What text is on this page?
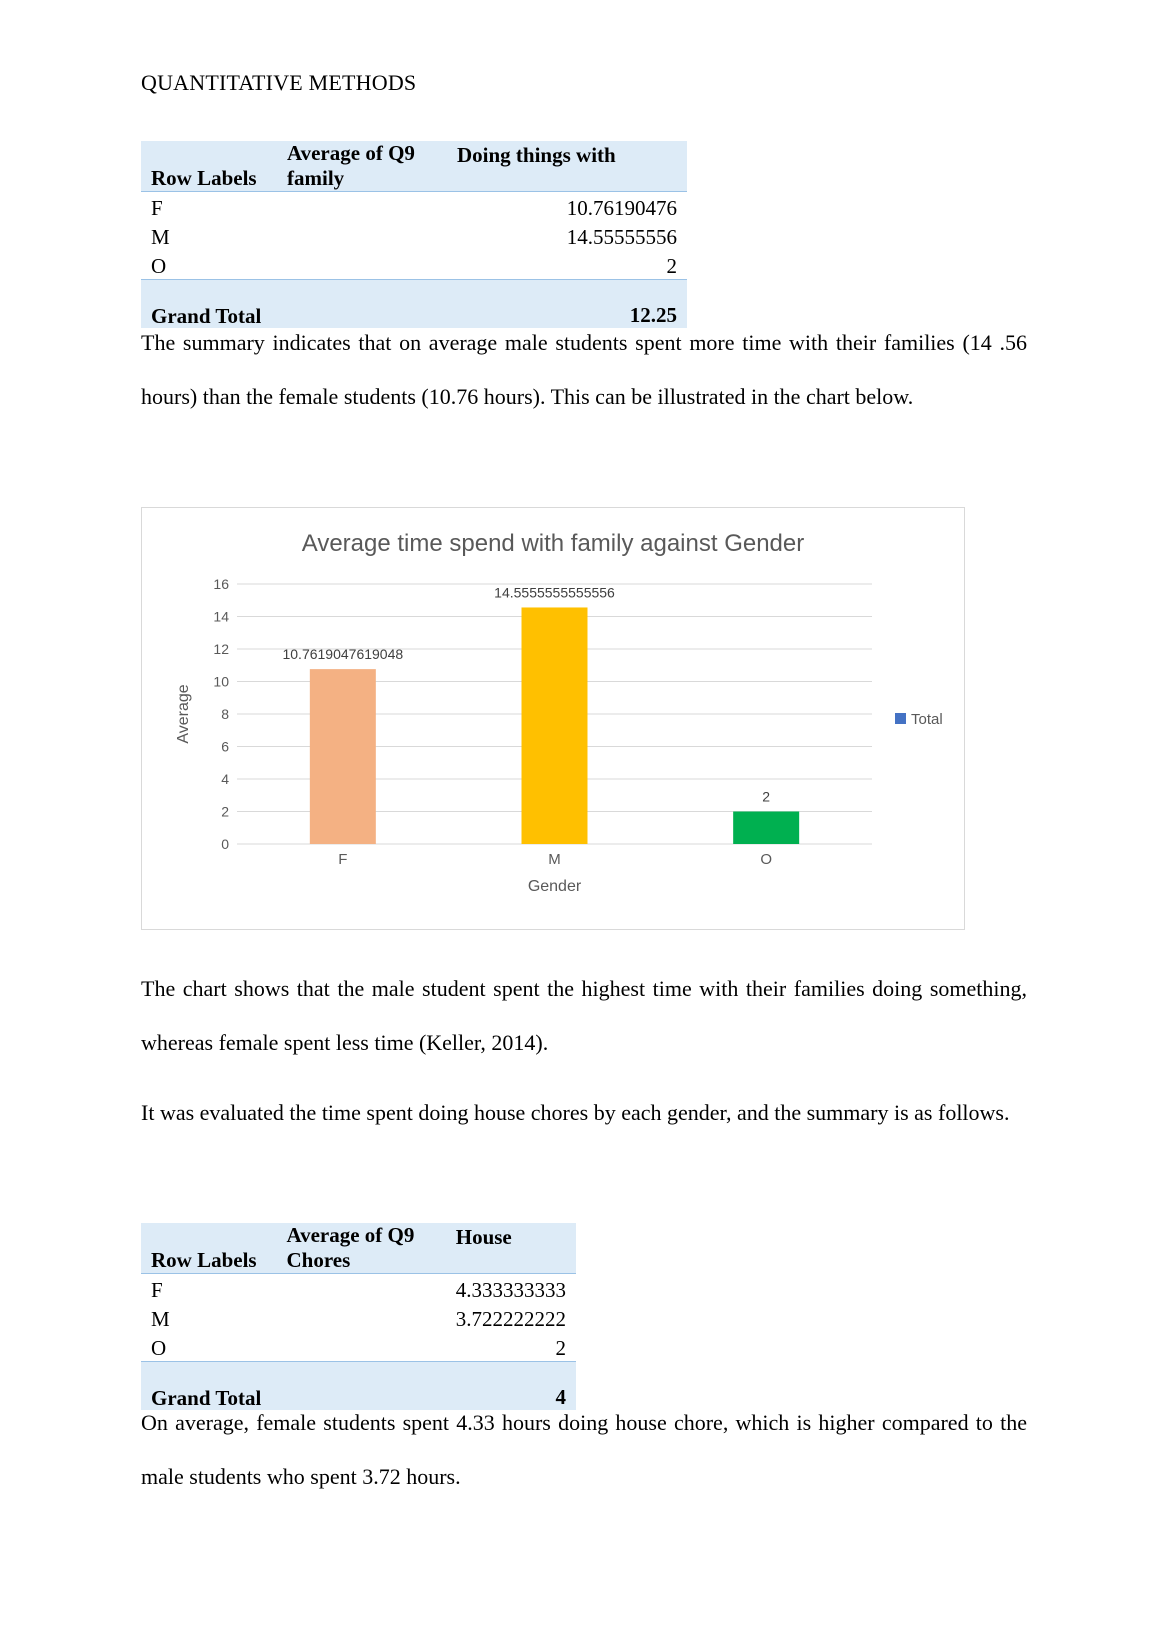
QUANTITATIVE METHODS
Row Labels	Average of Q9 family	Doing things with
F		10.76190476
M		14.55555556
O		2
Grand Total		12.25

The summary indicates that on average male students spent more time with their families (14 .56 hours) than the female students (10.76 hours). This can be illustrated in the chart below.

Average time spend with family against Gender
0
2
4
6
8
10
12
14
16
10.7619047619048
F
14.5555555555556
M
2
O
Gender
Average	Total

The chart shows that the male student spent the highest time with their families doing something, whereas female spent less time (Keller, 2014).

It was evaluated the time spent doing house chores by each gender, and the summary is as follows.

Row Labels	Average of Q9 Chores	House
F		4.333333333
M		3.722222222
O		2
Grand Total		4

On average, female students spent 4.33 hours doing house chore, which is higher compared to the male students who spent 3.72 hours.
